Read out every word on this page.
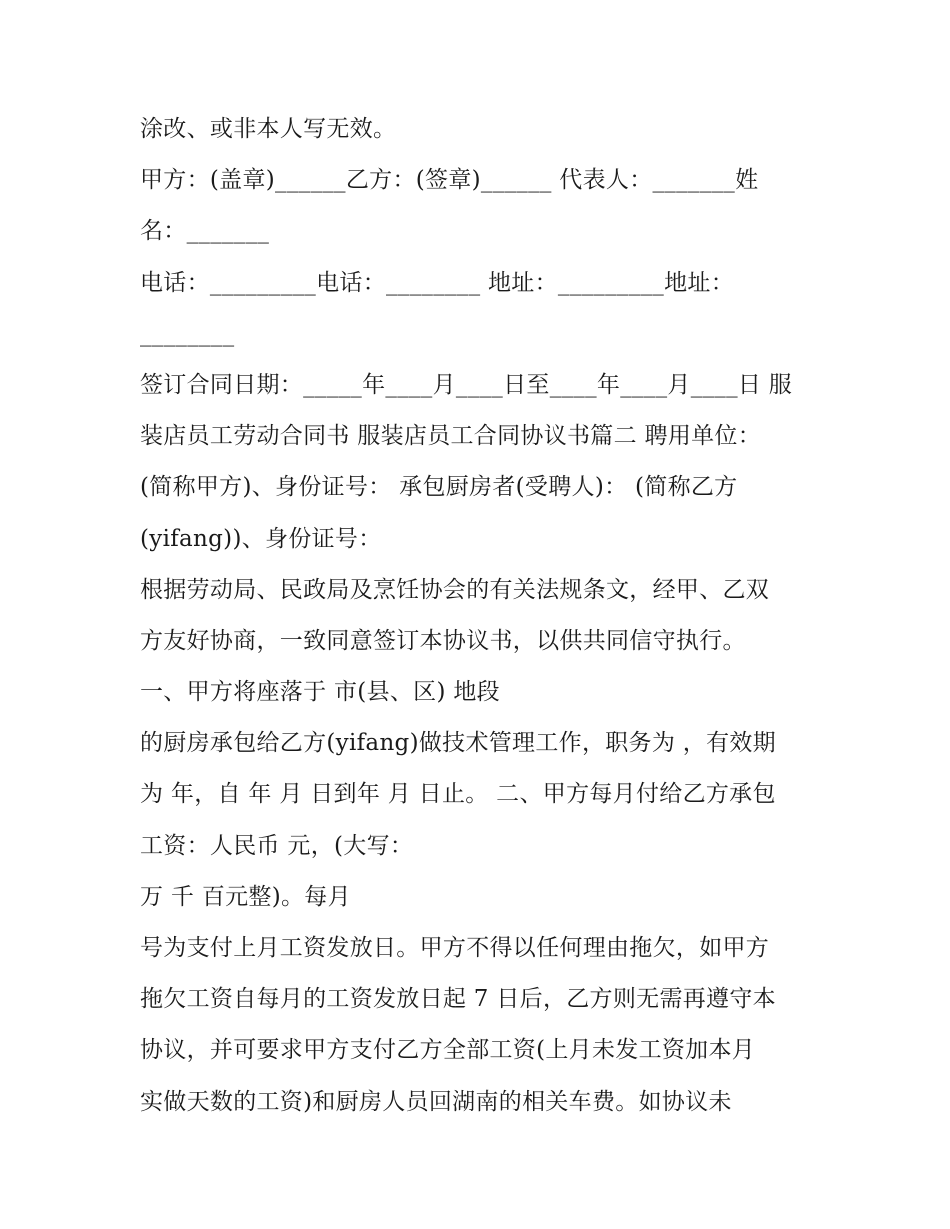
涂改、或非本人写无效。
甲方：(盖章)______乙方：(签章)______ 代表人：_______姓
名：_______
电话：_________电话：________ 地址：_________地址：
________
签订合同日期：_____年____月____日至____年____月____日 服
装店员工劳动合同书 服装店员工合同协议书篇二 聘用单位：
(简称甲方)、身份证号： 承包厨房者(受聘人)： (简称乙方
(yifang))、身份证号：
根据劳动局、民政局及烹饪协会的有关法规条文，经甲、乙双
方友好协商，一致同意签订本协议书，以供共同信守执行。
一、甲方将座落于 市(县、区) 地段
的厨房承包给乙方(yifang)做技术管理工作，职务为 ，有效期
为 年，自 年 月 日到年 月 日止。 二、甲方每月付给乙方承包
工资：人民币 元，(大写：
万 千 百元整)。每月
号为支付上月工资发放日。甲方不得以任何理由拖欠，如甲方
拖欠工资自每月的工资发放日起 7 日后，乙方则无需再遵守本
协议，并可要求甲方支付乙方全部工资(上月未发工资加本月
实做天数的工资)和厨房人员回湖南的相关车费。如协议未
